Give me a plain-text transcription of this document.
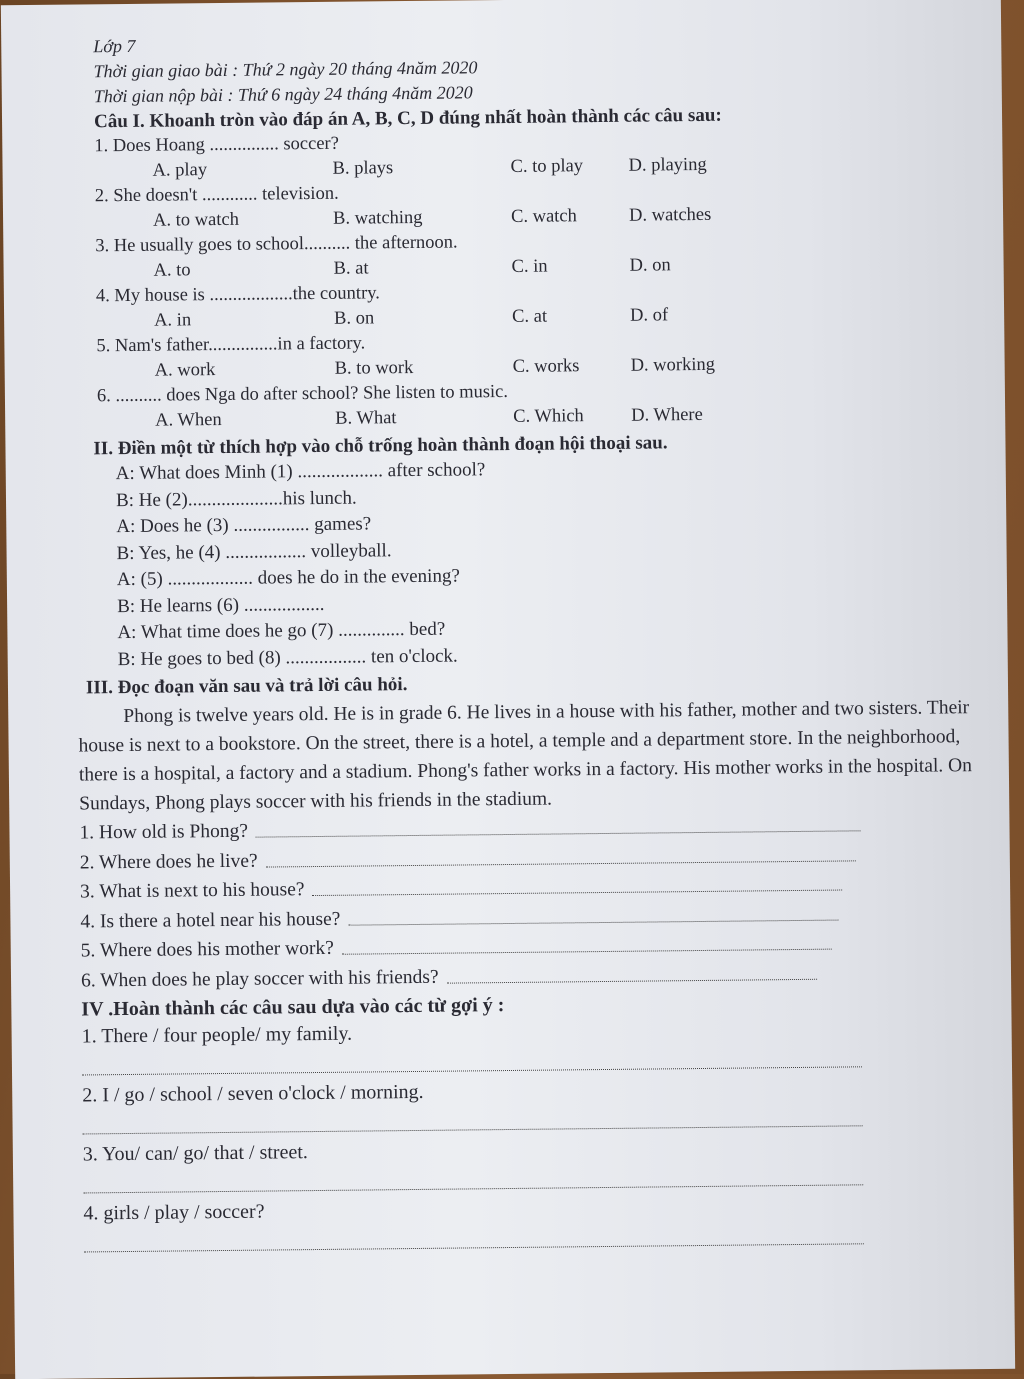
Lớp 7
Thời gian giao bài : Thứ 2 ngày 20 tháng 4năm 2020
Thời gian nộp bài : Thứ 6 ngày 24 tháng 4năm 2020
Câu I. Khoanh tròn vào đáp án A, B, C, D đúng nhất hoàn thành các câu sau:
1. Does Hoang ............... soccer?
A. play	B. plays	C. to play	D. playing
2. She doesn't ............ television.
A. to watch	B. watching	C. watch	D. watches
3. He usually goes to school.......... the afternoon.
A. to	B. at	C. in	D. on
4. My house is ..................the country.
A. in	B. on	C. at	D. of
5. Nam's father...............in a factory.
A. work	B. to work	C. works	D. working
6. .......... does Nga do after school? She listen to music.
A. When	B. What	C. Which	D. Where
II. Điền một từ thích hợp vào chỗ trống hoàn thành đoạn hội thoại sau.
A: What does Minh (1) .................. after school?
B: He (2)....................his lunch.
A: Does he (3) ................ games?
B: Yes, he (4) ................. volleyball.
A: (5) .................. does he do in the evening?
B: He learns (6) .................
A: What time does he go (7) .............. bed?
B: He goes to bed (8) ................. ten o'clock.
III. Đọc đoạn văn sau và trả lời câu hỏi.
Phong is twelve years old. He is in grade 6. He lives in a house with his father, mother and two sisters. Their house is next to a bookstore. On the street, there is a hotel, a temple and a department store. In the neighborhood, there is a hospital, a factory and a stadium. Phong's father works in a factory. His mother works in the hospital. On Sundays, Phong plays soccer with his friends in the stadium.
1. How old is Phong?
2. Where does he live?
3. What is next to his house?
4. Is there a hotel near his house?
5. Where does his mother work?
6. When does he play soccer with his friends?
IV .Hoàn thành các câu sau dựa vào các từ gợi ý :
1. There / four people/ my family.
2. I / go / school / seven o'clock / morning.
3. You/ can/ go/ that / street.
4. girls / play / soccer?
